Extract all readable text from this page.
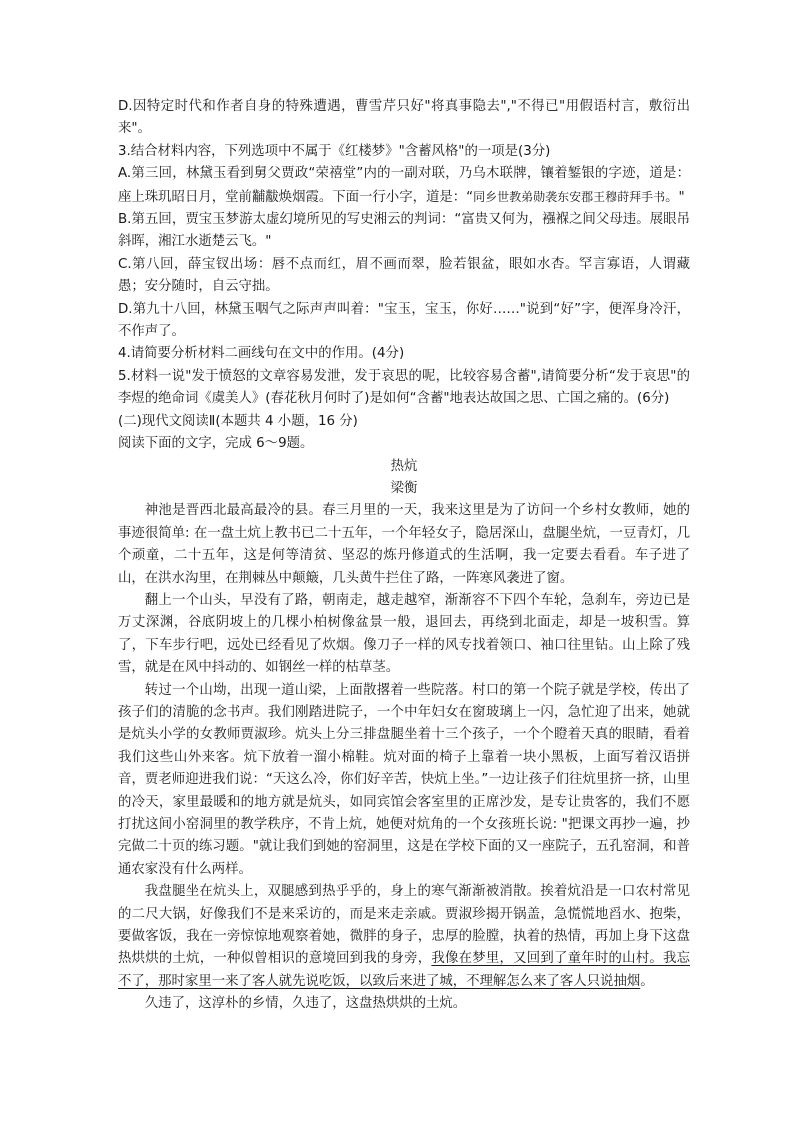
D.因特定时代和作者自身的特殊遭遇，曹雪芹只好"将真事隐去","不得已"用假语村言，敷衍出来"。

3.结合材料内容，下列选项中不属于《红楼梦》"含蓄风格"的一项是(3分)

A.第三回，林黛玉看到舅父贾政“荣禧堂”内的一副对联，乃乌木联牌，镶着錾银的字迹，道是：座上珠玑昭日月，堂前黼黻焕烟霞。下面一行小字，道是：“同乡世教弟勋袭东安郡王穆莳拜手书。"

B.第五回，贾宝玉梦游太虚幻境所见的写史湘云的判词：“富贵又何为，襁褓之间父母违。展眼吊斜晖，湘江水逝楚云飞。"

C.第八回，薛宝钗出场：唇不点而红，眉不画而翠，脸若银盆，眼如水杏。罕言寡语，人谓藏愚；安分随时，自云守拙。

D.第九十八回，林黛玉咽气之际声声叫着："宝玉，宝玉，你好……"说到“好”字，便浑身冷汗，不作声了。

4.请简要分析材料二画线句在文中的作用。(4分)

5.材料一说"发于愤怒的文章容易发泄，发于哀思的呢，比较容易含蓄",请简要分析“发于哀思"的李煜的绝命词《虞美人》(春花秋月何时了)是如何“含蓄"地表达故国之思、亡国之痛的。(6分)

(二)现代文阅读Ⅱ(本题共 4 小题，16 分)

阅读下面的文字，完成 6～9题。

热炕

梁衡

神池是晋西北最高最冷的县。春三月里的一天，我来这里是为了访问一个乡村女教师，她的事迹很简单: 在一盘土炕上教书已二十五年，一个年轻女子，隐居深山，盘腿坐炕，一豆青灯，几个顽童，二十五年，这是何等清贫、坚忍的炼丹修道式的生活啊，我一定要去看看。车子进了山，在洪水沟里，在荆棘丛中颠簸，几头黄牛拦住了路，一阵寒风袭进了窗。

翻上一个山头，早没有了路，朝南走，越走越窄，渐渐容不下四个车轮，急刹车，旁边已是万丈深渊，谷底阴坡上的几棵小柏树像盆景一般，退回去，再绕到北面走，却是一坡积雪。算了，下车步行吧，远处已经看见了炊烟。像刀子一样的风专找着领口、袖口往里钻。山上除了残雪，就是在风中抖动的、如钢丝一样的枯草茎。

转过一个山坳，出现一道山梁，上面散撂着一些院落。村口的第一个院子就是学校，传出了孩子们的清脆的念书声。我们刚踏进院子，一个中年妇女在窗玻璃上一闪，急忙迎了出来，她就是炕头小学的女教师贾淑珍。炕头上分三排盘腿坐着十三个孩子，一个个瞪着天真的眼睛，看着我们这些山外来客。炕下放着一溜小棉鞋。炕对面的椅子上靠着一块小黑板，上面写着汉语拼音，贾老师迎进我们说：“天这么冷，你们好辛苦，快炕上坐。”一边让孩子们往炕里挤一挤，山里的冷天，家里最暖和的地方就是炕头，如同宾馆会客室里的正席沙发，是专让贵客的，我们不愿打扰这间小窑洞里的教学秩序，不肯上炕，她便对炕角的一个女孩班长说: "把课文再抄一遍，抄完做二十页的练习题。"就让我们到她的窑洞里，这是在学校下面的又一座院子，五孔窑洞，和普通农家没有什么两样。

我盘腿坐在炕头上，双腿感到热乎乎的，身上的寒气渐渐被消散。挨着炕沿是一口农村常见的二尺大锅，好像我们不是来采访的，而是来走亲戚。贾淑珍揭开锅盖，急慌慌地舀水、抱柴，要做客饭，我在一旁惊惊地观察着她，微胖的身子，忠厚的脸膛，执着的热情，再加上身下这盘热烘烘的土炕，一种似曾相识的意境回到我的身旁，我像在梦里，又回到了童年时的山村。我忘不了，那时家里一来了客人就先说吃饭，以致后来进了城，不理解怎么来了客人只说抽烟。

久违了，这淳朴的乡情，久违了，这盘热烘烘的土炕。
